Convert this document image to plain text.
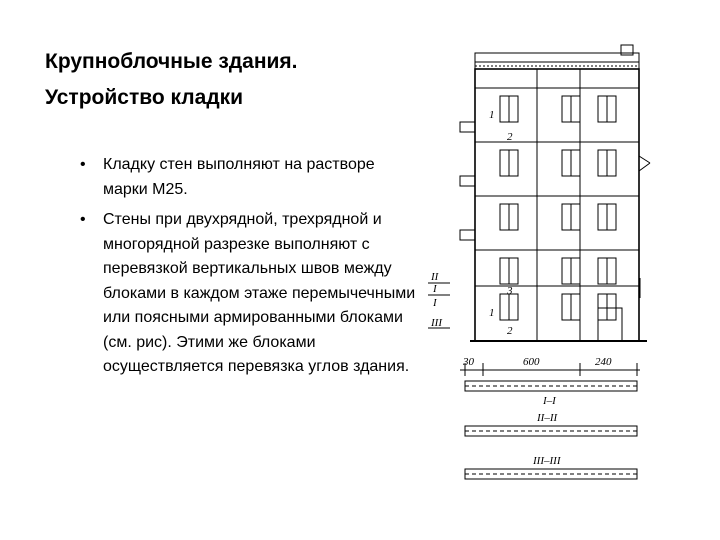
Крупноблочные здания.
Устройство кладки
• Кладку стен выполняют на раствоpе марки М25.
• Стены при двухрядной, трехрядной и многорядной разрезке выполняют с перевязкой вертикальных швов между блоками в каждом этаже перемычечными или поясными армированными блоками (см. рис). Этими же блоками осуществляется перевязка углов здания.
1
2
3
1
2
II
I
I
III
30	600	240
I–I
II–II
III–III
